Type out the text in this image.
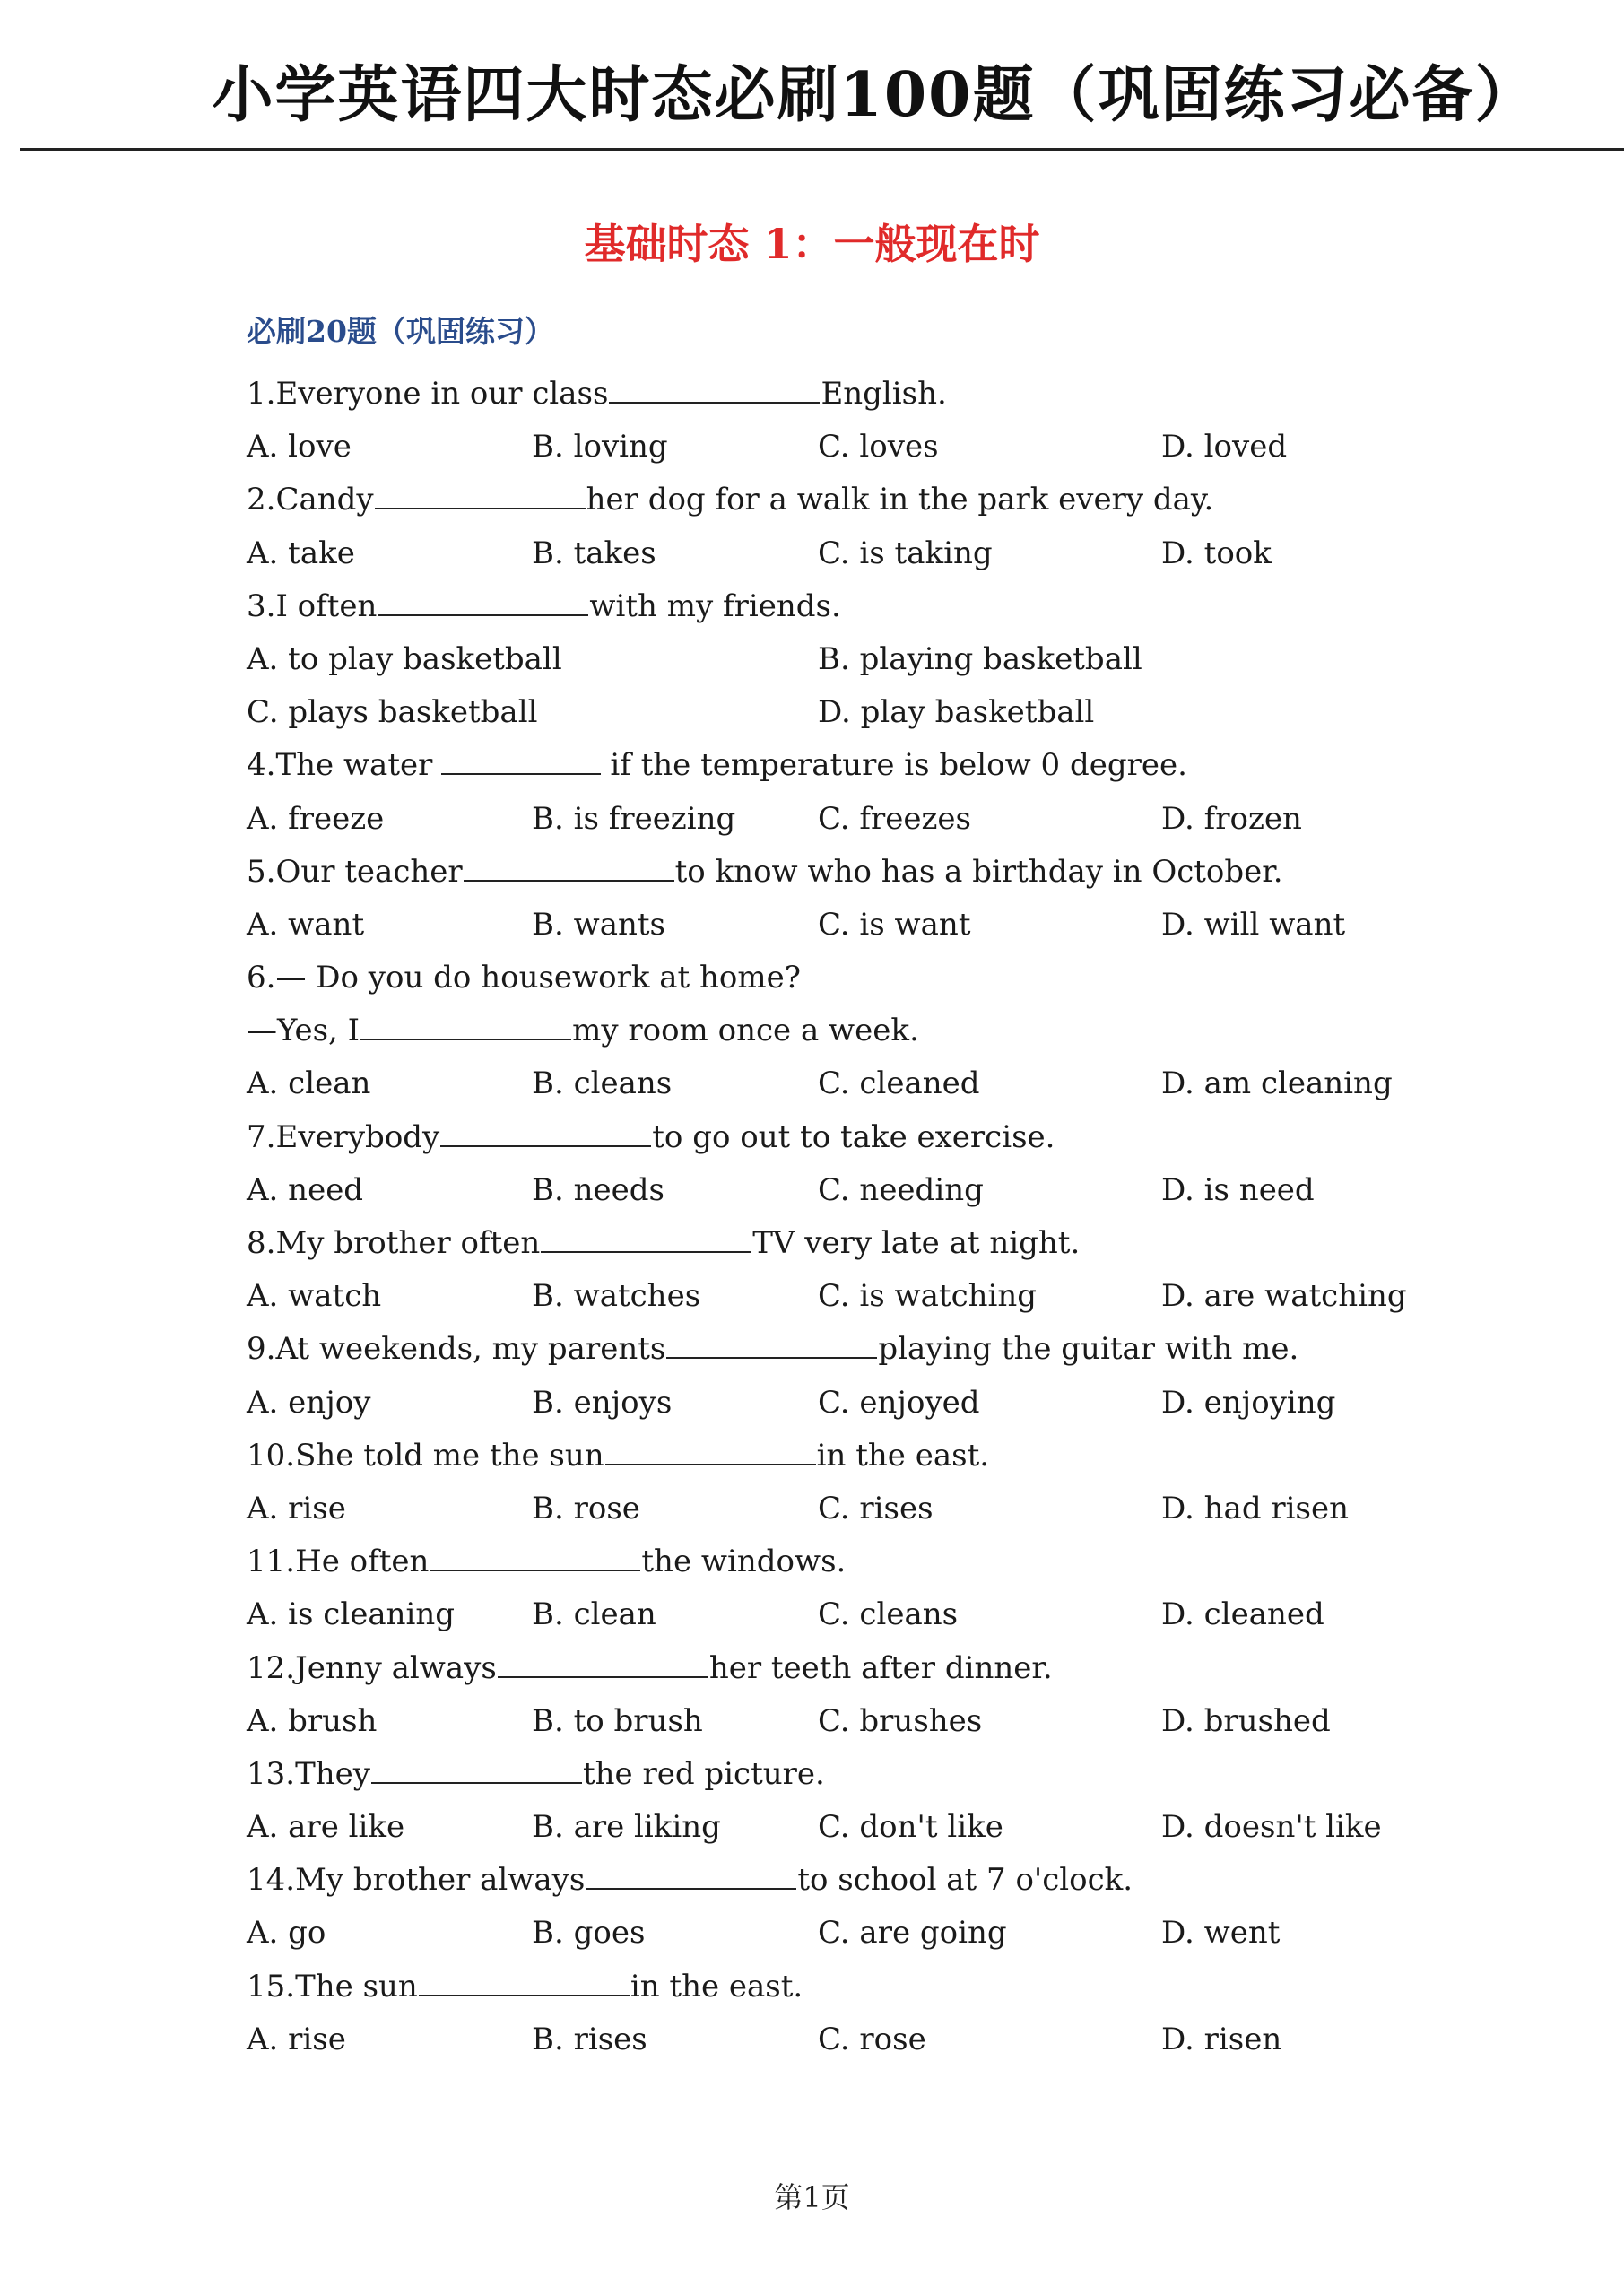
小学英语四大时态必刷100题（巩固练习必备）
基础时态 1：一般现在时
必刷20题（巩固练习）
1.Everyone in our class	English.
A. love	B. loving	C. loves	D. loved
2.Candy	her dog for a walk in the park every day.
A. take	B. takes	C. is taking	D. took
3.I often	with my friends.
A. to play basketball	B. playing basketball
C. plays basketball	D. play basketball
4.The water	if the temperature is below 0 degree.
A. freeze	B. is freezing	C. freezes	D. frozen
5.Our teacher	to know who has a birthday in October.
A. want	B. wants	C. is want	D. will want
6.— Do you do housework at home?
—Yes, I	my room once a week.
A. clean	B. cleans	C. cleaned	D. am cleaning
7.Everybody	to go out to take exercise.
A. need	B. needs	C. needing	D. is need
8.My brother often	TV very late at night.
A. watch	B. watches	C. is watching	D. are watching
9.At weekends, my parents	playing the guitar with me.
A. enjoy	B. enjoys	C. enjoyed	D. enjoying
10.She told me the sun	in the east.
A. rise	B. rose	C. rises	D. had risen
11.He often	the windows.
A. is cleaning	B. clean	C. cleans	D. cleaned
12.Jenny always	her teeth after dinner.
A. brush	B. to brush	C. brushes	D. brushed
13.They	the red picture.
A. are like	B. are liking	C. don't like	D. doesn't like
14.My brother always	to school at 7 o'clock.
A. go	B. goes	C. are going	D. went
15.The sun	in the east.
A. rise	B. rises	C. rose	D. risen
第1页
